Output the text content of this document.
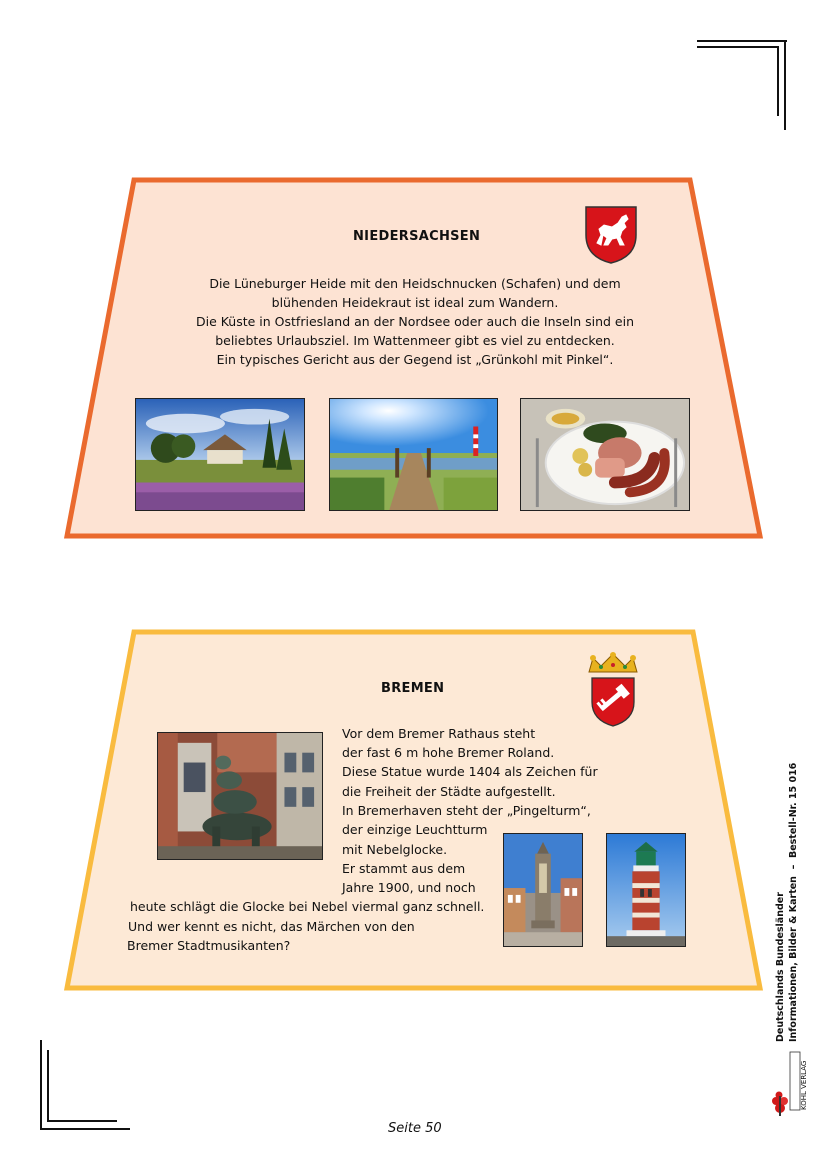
NIEDERSACHSEN
Die Lüneburger Heide mit den Heidschnucken (Schafen) und dem
blühenden Heidekraut ist ideal zum Wandern.
Die Küste in Ostfriesland an der Nordsee oder auch die Inseln sind ein
beliebtes Urlaubsziel. Im Wattenmeer gibt es viel zu entdecken.
Ein typisches Gericht aus der Gegend ist „Grünkohl mit Pinkel“.
BREMEN
Vor dem Bremer Rathaus steht
der fast 6 m hohe Bremer Roland.
Diese Statue wurde 1404 als Zeichen für
die Freiheit der Städte aufgestellt.
In Bremerhaven steht der „Pingelturm“,
der einzige Leuchtturm
mit Nebelglocke.
Er stammt aus dem
Jahre 1900, und noch
heute schlägt die Glocke bei Nebel viermal ganz schnell.
Und wer kennt es nicht, das Märchen von den
Bremer Stadtmusikanten?	Deutschlands Bundesländer Informationen, Bilder & Karten  –  Bestell-Nr. 15 016
KOHL VERLAG
Seite 50
